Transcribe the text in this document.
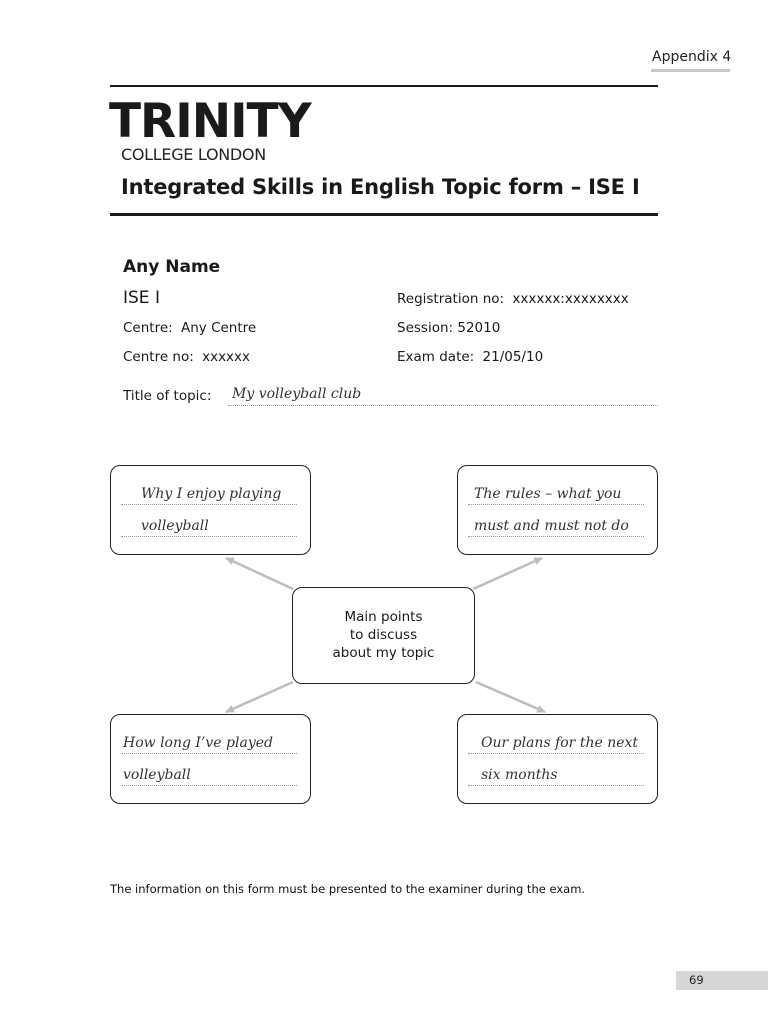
Appendix 4
TRINITY
COLLEGE LONDON
Integrated Skills in English Topic form – ISE I
Any Name
ISE I	Registration no: xxxxxx:xxxxxxxx
Centre: Any Centre	Session: 52010
Centre no: xxxxxx	Exam date: 21/05/10
Title of topic: My volleyball club
Why I enjoy playing
volleyball
The rules – what you
must and must not do
Main points
to discuss
about my topic
How long I’ve played
volleyball
Our plans for the next
six months
The information on this form must be presented to the examiner during the exam.
69
